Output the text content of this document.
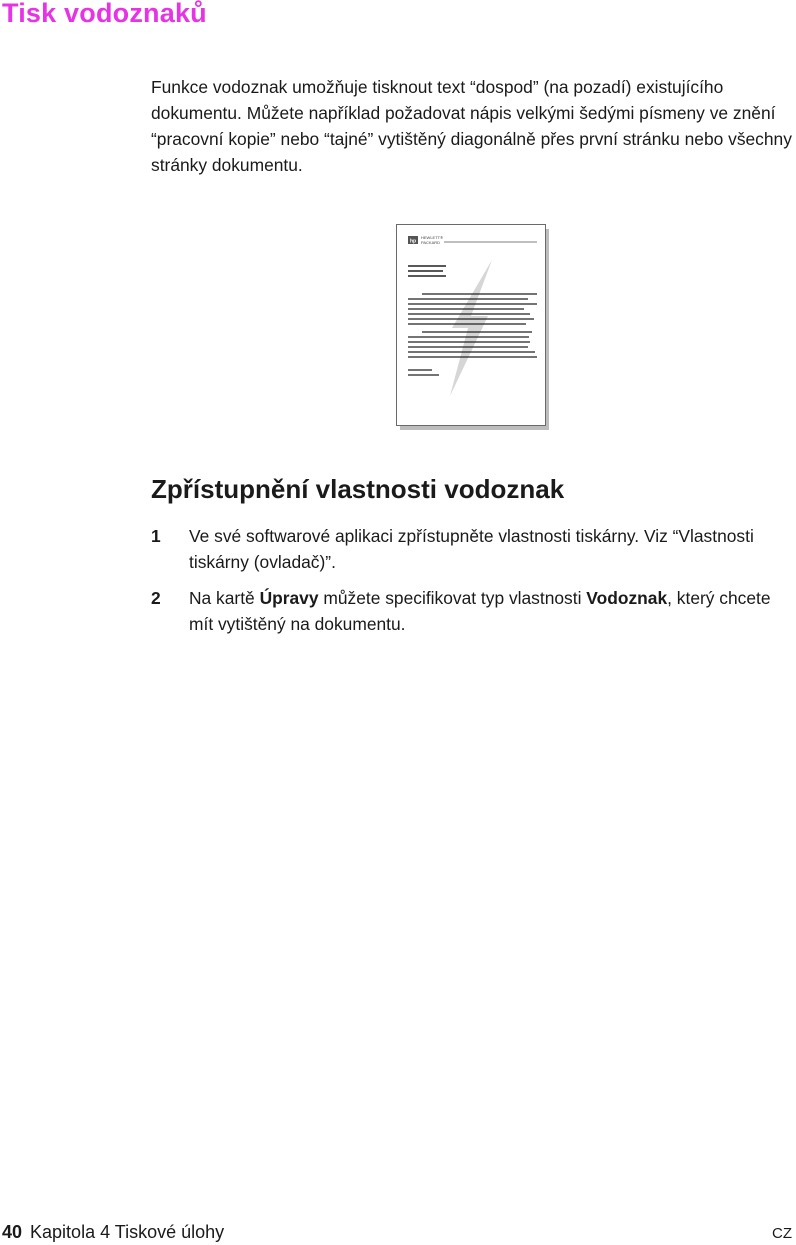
Tisk vodoznaků

Funkce vodoznak umožňuje tisknout text “dospod” (na pozadí) existujícího dokumentu. Můžete například požadovat nápis velkými šedými písmeny ve znění “pracovní kopie” nebo “tajné” vytištěný diagonálně přes první stránku nebo všechny stránky dokumentu.

hp
HEWLETT®
PACKARD
Zpřístupnění vlastnosti vodoznak
1 Ve své softwarové aplikaci zpřístupněte vlastnosti tiskárny. Viz “Vlastnosti tiskárny (ovladač)”.
2 Na kartě Úpravy můžete specifikovat typ vlastnosti Vodoznak, který chcete mít vytištěný na dokumentu.
40 Kapitola 4 Tiskové úlohy	CZ
